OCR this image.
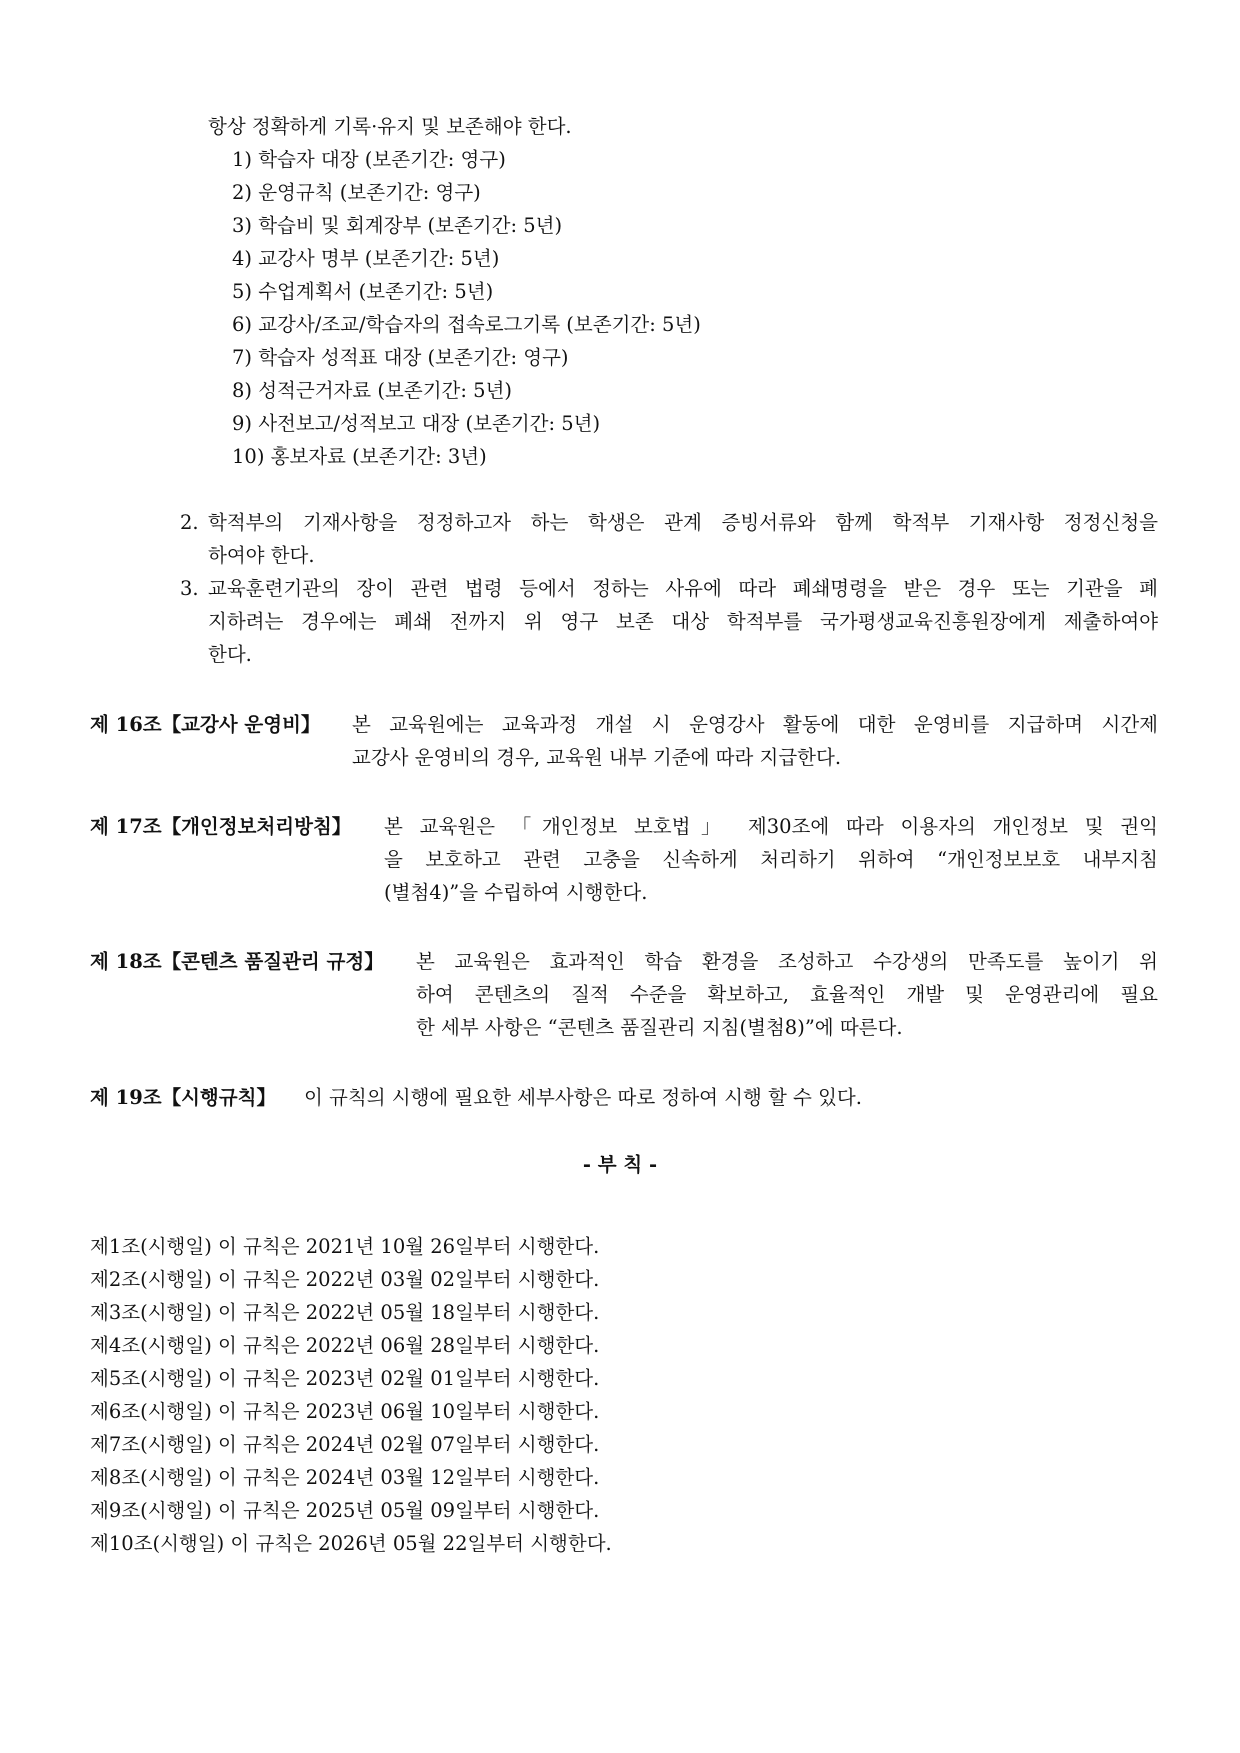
항상 정확하게 기록·유지 및 보존해야 한다.
1) 학습자 대장 (보존기간: 영구)
2) 운영규칙 (보존기간: 영구)
3) 학습비 및 회계장부 (보존기간: 5년)
4) 교강사 명부 (보존기간: 5년)
5) 수업계획서 (보존기간: 5년)
6) 교강사/조교/학습자의 접속로그기록 (보존기간: 5년)
7) 학습자 성적표 대장 (보존기간: 영구)
8) 성적근거자료 (보존기간: 5년)
9) 사전보고/성적보고 대장 (보존기간: 5년)
10) 홍보자료 (보존기간: 3년)
2. 학적부의 기재사항을 정정하고자 하는 학생은 관계 증빙서류와 함께 학적부 기재사항 정정신청을
하여야 한다.
3. 교육훈련기관의 장이 관련 법령 등에서 정하는 사유에 따라 폐쇄명령을 받은 경우 또는 기관을 폐
지하려는 경우에는 폐쇄 전까지 위 영구 보존 대상 학적부를 국가평생교육진흥원장에게 제출하여야
한다.
제 16조【교강사 운영비】 본 교육원에는 교육과정 개설 시 운영강사 활동에 대한 운영비를 지급하며 시간제
교강사 운영비의 경우, 교육원 내부 기준에 따라 지급한다.
제 17조【개인정보처리방침】 본 교육원은 「개인정보 보호법」 제30조에 따라 이용자의 개인정보 및 권익
을 보호하고 관련 고충을 신속하게 처리하기 위하여 “개인정보보호 내부지침
(별첨4)”을 수립하여 시행한다.
제 18조【콘텐츠 품질관리 규정】 본 교육원은 효과적인 학습 환경을 조성하고 수강생의 만족도를 높이기 위
하여 콘텐츠의 질적 수준을 확보하고, 효율적인 개발 및 운영관리에 필요
한 세부 사항은 “콘텐츠 품질관리 지침(별첨8)”에 따른다.
제 19조【시행규칙】 이 규칙의 시행에 필요한 세부사항은 따로 정하여 시행 할 수 있다.
- 부 칙 -
제1조(시행일) 이 규칙은 2021년 10월 26일부터 시행한다.
제2조(시행일) 이 규칙은 2022년 03월 02일부터 시행한다.
제3조(시행일) 이 규칙은 2022년 05월 18일부터 시행한다.
제4조(시행일) 이 규칙은 2022년 06월 28일부터 시행한다.
제5조(시행일) 이 규칙은 2023년 02월 01일부터 시행한다.
제6조(시행일) 이 규칙은 2023년 06월 10일부터 시행한다.
제7조(시행일) 이 규칙은 2024년 02월 07일부터 시행한다.
제8조(시행일) 이 규칙은 2024년 03월 12일부터 시행한다.
제9조(시행일) 이 규칙은 2025년 05월 09일부터 시행한다.
제10조(시행일) 이 규칙은 2026년 05월 22일부터 시행한다.
